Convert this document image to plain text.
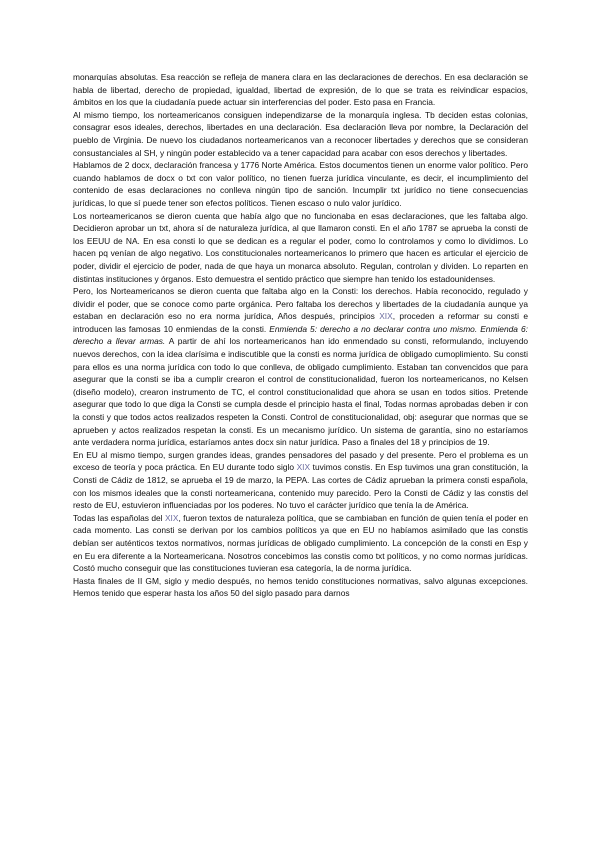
monarquías absolutas. Esa reacción se refleja de manera clara en las declaraciones de derechos. En esa declaración se habla de libertad, derecho de propiedad, igualdad, libertad de expresión, de lo que se trata es reivindicar espacios, ámbitos en los que la ciudadanía puede actuar sin interferencias del poder. Esto pasa en Francia.

Al mismo tiempo, los norteamericanos consiguen independizarse de la monarquía inglesa. Tb deciden estas colonias, consagrar esos ideales, derechos, libertades en una declaración. Esa declaración lleva por nombre, la Declaración del pueblo de Virginia. De nuevo los ciudadanos norteamericanos van a reconocer libertades y derechos que se consideran consustanciales al SH, y ningún poder establecido va a tener capacidad para acabar con esos derechos y libertades.

Hablamos de 2 docx, declaración francesa y 1776 Norte América. Estos documentos tienen un enorme valor político. Pero cuando hablamos de docx o txt con valor político, no tienen fuerza jurídica vinculante, es decir, el incumplimiento del contenido de esas declaraciones no conlleva ningún tipo de sanción. Incumplir txt jurídico no tiene consecuencias jurídicas, lo que sí puede tener son efectos políticos. Tienen escaso o nulo valor jurídico.

Los norteamericanos se dieron cuenta que había algo que no funcionaba en esas declaraciones, que les faltaba algo. Decidieron aprobar un txt, ahora sí de naturaleza jurídica, al que llamaron consti. En el año 1787 se aprueba la consti de los EEUU de NA. En esa consti lo que se dedican es a regular el poder, como lo controlamos y como lo dividimos. Lo hacen pq venían de algo negativo. Los constitucionales norteamericanos lo primero que hacen es articular el ejercicio de poder, dividir el ejercicio de poder, nada de que haya un monarca absoluto. Regulan, controlan y dividen. Lo reparten en distintas instituciones y órganos. Esto demuestra el sentido práctico que siempre han tenido los estadounidenses.

Pero, los Norteamericanos se dieron cuenta que faltaba algo en la Consti: los derechos. Había reconocido, regulado y dividir el poder, que se conoce como parte orgánica. Pero faltaba los derechos y libertades de la ciudadanía aunque ya estaban en declaración eso no era norma jurídica, Años después, principios XIX, proceden a reformar su consti e introducen las famosas 10 enmiendas de la consti. Enmienda 5: derecho a no declarar contra uno mismo. Enmienda 6: derecho a llevar armas. A partir de ahí los norteamericanos han ido enmendado su consti, reformulando, incluyendo nuevos derechos, con la idea clarísima e indiscutible que la consti es norma jurídica de obligado cumoplimiento. Su consti para ellos es una norma jurídica con todo lo que conlleva, de obligado cumplimiento. Estaban tan convencidos que para asegurar que la consti se iba a cumplir crearon el control de constitucionalidad, fueron los norteamericanos, no Kelsen (diseño modelo), crearon instrumento de TC, el control constitucionalidad que ahora se usan en todos sitios. Pretende asegurar que todo lo que diga la Consti se cumpla desde el principio hasta el final, Todas normas aprobadas deben ir con la consti y que todos actos realizados respeten la Consti. Control de constitucionalidad, obj: asegurar que normas que se aprueben y actos realizados respetan la consti. Es un mecanismo jurídico. Un sistema de garantía, sino no estaríamos ante verdadera norma jurídica, estaríamos antes docx sin natur jurídica. Paso a finales del 18 y principios de 19.

En EU al mismo tiempo, surgen grandes ideas, grandes pensadores del pasado y del presente. Pero el problema es un exceso de teoría y poca práctica. En EU durante todo siglo XIX tuvimos constis. En Esp tuvimos una gran constitución, la Consti de Cádiz de 1812, se aprueba el 19 de marzo, la PEPA. Las cortes de Cádiz aprueban la primera consti española, con los mismos ideales que la consti norteamericana, contenido muy parecido. Pero la Consti de Cádiz y las constis del resto de EU, estuvieron influenciadas por los poderes. No tuvo el carácter jurídico que tenía la de América.

Todas las españolas del XIX, fueron textos de naturaleza política, que se cambiaban en función de quien tenía el poder en cada momento. Las consti se derivan por los cambios políticos ya que en EU no habíamos asimilado que las constis debían ser auténticos textos normativos, normas jurídicas de obligado cumplimiento. La concepción de la consti en Esp y en Eu era diferente a la Norteamericana. Nosotros concebimos las constis como txt políticos, y no como normas jurídicas. Costó mucho conseguir que las constituciones tuvieran esa categoría, la de norma jurídica.

Hasta finales de II GM, siglo y medio después, no hemos tenido constituciones normativas, salvo algunas excepciones. Hemos tenido que esperar hasta los años 50 del siglo pasado para darnos
